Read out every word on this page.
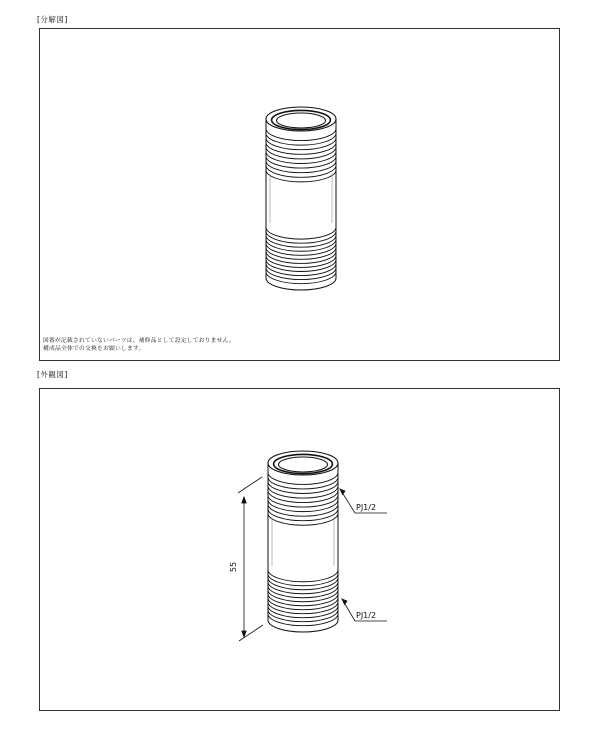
[分解図]
図番が記載されていないパーツは、補修品として設定しておりません。
構成品全体での交換をお願いします。
[外観図]
55
PJ1/2
PJ1/2
